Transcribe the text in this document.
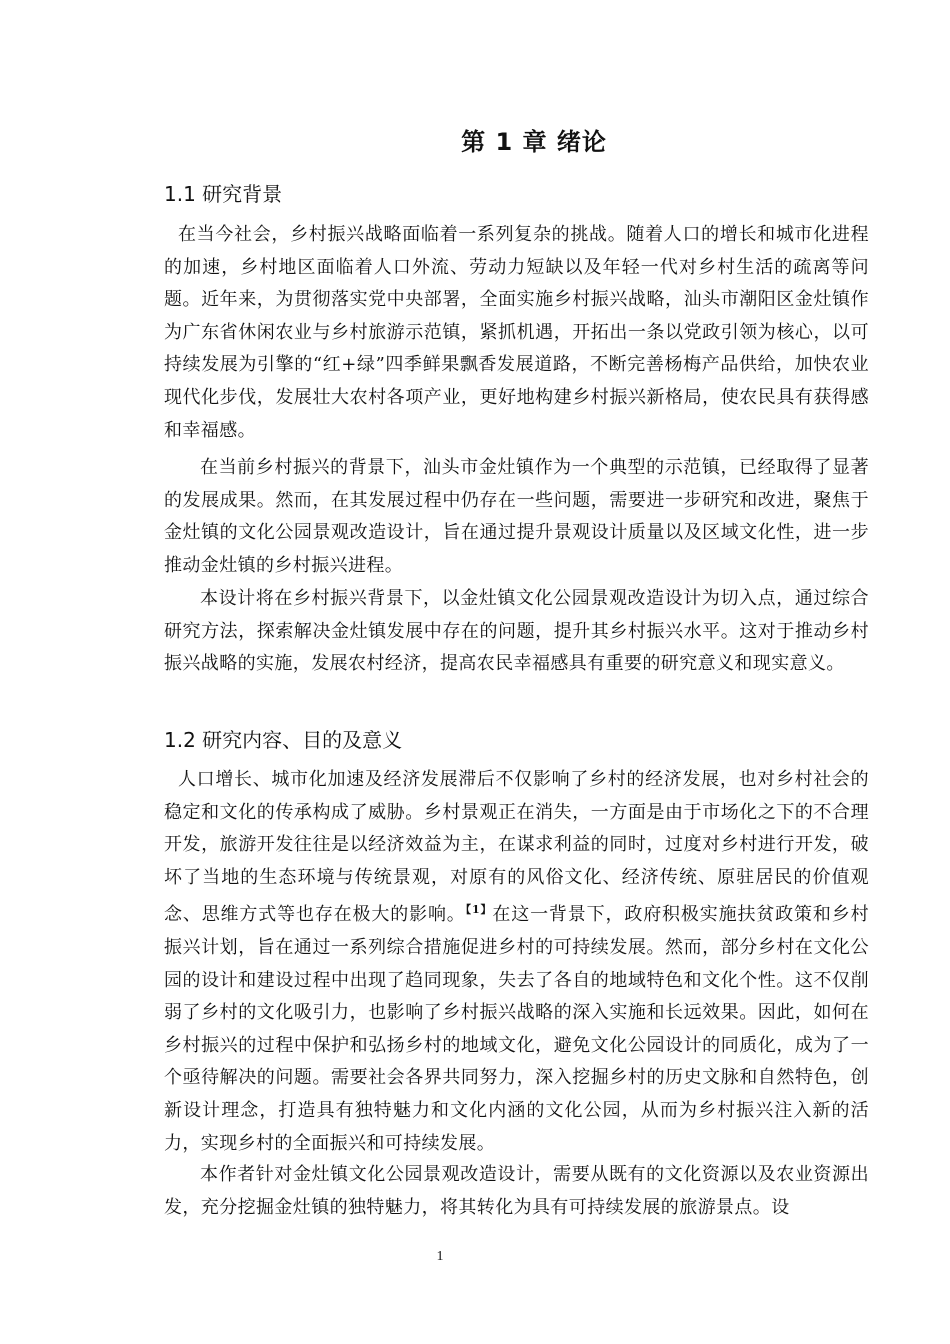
第 1 章 绪论
1.1 研究背景

在当今社会，乡村振兴战略面临着一系列复杂的挑战。随着人口的增长和城市化进程的加速，乡村地区面临着人口外流、劳动力短缺以及年轻一代对乡村生活的疏离等问题。近年来，为贯彻落实党中央部署，全面实施乡村振兴战略，汕头市潮阳区金灶镇作为广东省休闲农业与乡村旅游示范镇，紧抓机遇，开拓出一条以党政引领为核心，以可持续发展为引擎的“红+绿”四季鲜果飘香发展道路，不断完善杨梅产品供给，加快农业现代化步伐，发展壮大农村各项产业，更好地构建乡村振兴新格局，使农民具有获得感和幸福感。

在当前乡村振兴的背景下，汕头市金灶镇作为一个典型的示范镇，已经取得了显著的发展成果。然而，在其发展过程中仍存在一些问题，需要进一步研究和改进，聚焦于金灶镇的文化公园景观改造设计，旨在通过提升景观设计质量以及区域文化性，进一步推动金灶镇的乡村振兴进程。

本设计将在乡村振兴背景下，以金灶镇文化公园景观改造设计为切入点，通过综合研究方法，探索解决金灶镇发展中存在的问题，提升其乡村振兴水平。这对于推动乡村振兴战略的实施，发展农村经济，提高农民幸福感具有重要的研究意义和现实意义。

1.2 研究内容、目的及意义

人口增长、城市化加速及经济发展滞后不仅影响了乡村的经济发展，也对乡村社会的稳定和文化的传承构成了威胁。乡村景观正在消失，一方面是由于市场化之下的不合理开发，旅游开发往往是以经济效益为主，在谋求利益的同时，过度对乡村进行开发，破坏了当地的生态环境与传统景观，对原有的风俗文化、经济传统、原驻居民的价值观念、思维方式等也存在极大的影响。$^{【1】}$在这一背景下，政府积极实施扶贫政策和乡村振兴计划，旨在通过一系列综合措施促进乡村的可持续发展。然而，部分乡村在文化公园的设计和建设过程中出现了趋同现象，失去了各自的地域特色和文化个性。这不仅削弱了乡村的文化吸引力，也影响了乡村振兴战略的深入实施和长远效果。因此，如何在乡村振兴的过程中保护和弘扬乡村的地域文化，避免文化公园设计的同质化，成为了一个亟待解决的问题。需要社会各界共同努力，深入挖掘乡村的历史文脉和自然特色，创新设计理念，打造具有独特魅力和文化内涵的文化公园，从而为乡村振兴注入新的活力，实现乡村的全面振兴和可持续发展。

本作者针对金灶镇文化公园景观改造设计，需要从既有的文化资源以及农业资源出发，充分挖掘金灶镇的独特魅力，将其转化为具有可持续发展的旅游景点。设

1
